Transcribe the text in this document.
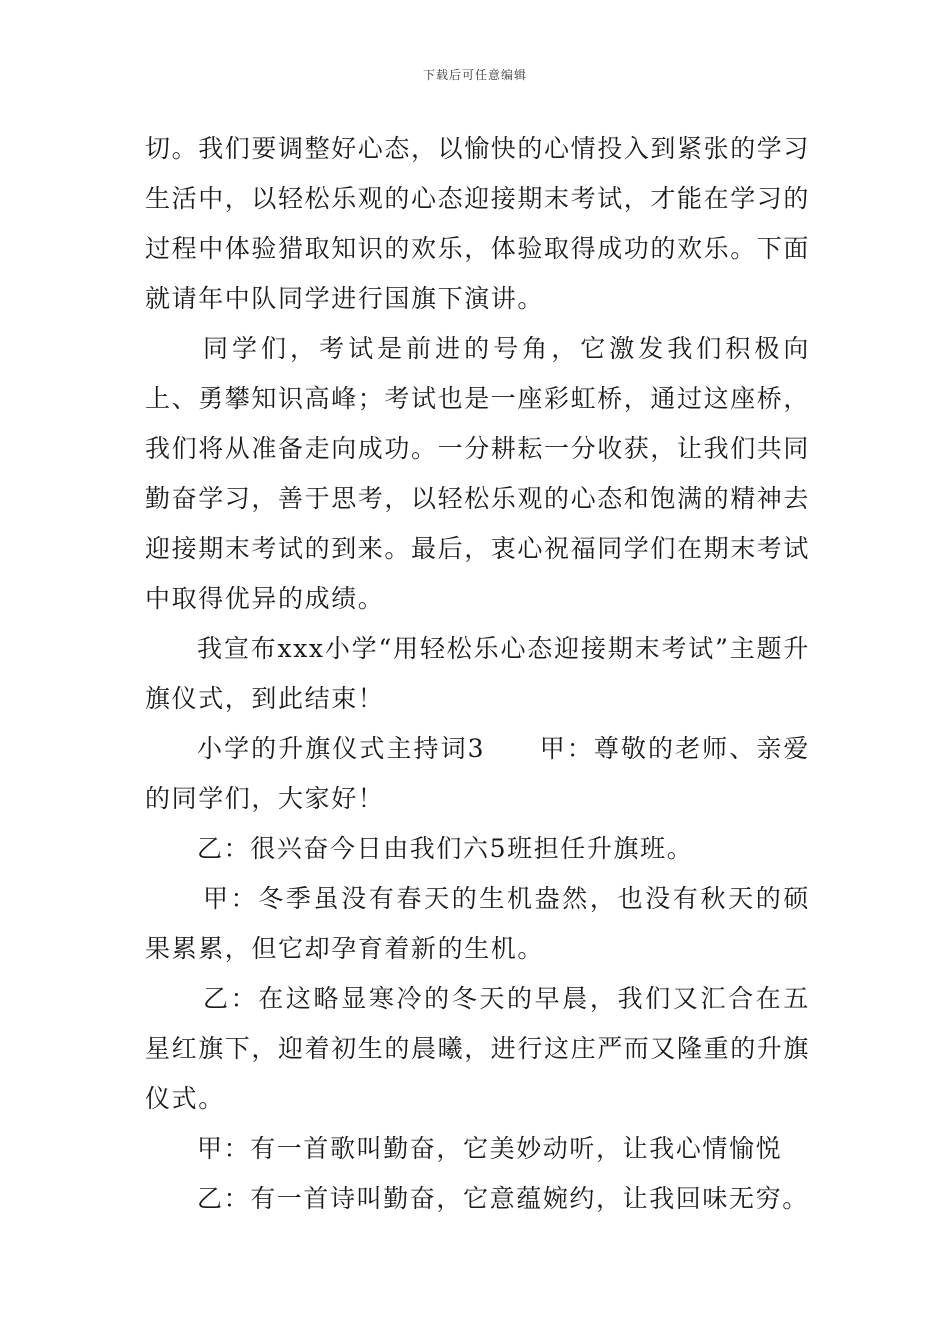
下载后可任意编辑

切。我们要调整好心态，以愉快的心情投入到紧张的学习生活中，以轻松乐观的心态迎接期末考试，才能在学习的过程中体验猎取知识的欢乐，体验取得成功的欢乐。下面就请年中队同学进行国旗下演讲。

同学们，考试是前进的号角，它激发我们积极向上、勇攀知识高峰；考试也是一座彩虹桥，通过这座桥，我们将从准备走向成功。一分耕耘一分收获，让我们共同勤奋学习，善于思考，以轻松乐观的心态和饱满的精神去迎接期末考试的到来。最后，衷心祝福同学们在期末考试中取得优异的成绩。

我宣布xxx小学“用轻松乐心态迎接期末考试”主题升旗仪式，到此结束！

小学的升旗仪式主持词3　　甲：尊敬的老师、亲爱的同学们，大家好！

乙：很兴奋今日由我们六5班担任升旗班。

甲：冬季虽没有春天的生机盎然，也没有秋天的硕果累累，但它却孕育着新的生机。

乙：在这略显寒冷的冬天的早晨，我们又汇合在五星红旗下，迎着初生的晨曦，进行这庄严而又隆重的升旗仪式。

甲：有一首歌叫勤奋，它美妙动听，让我心情愉悦

乙：有一首诗叫勤奋，它意蕴婉约，让我回味无穷。
